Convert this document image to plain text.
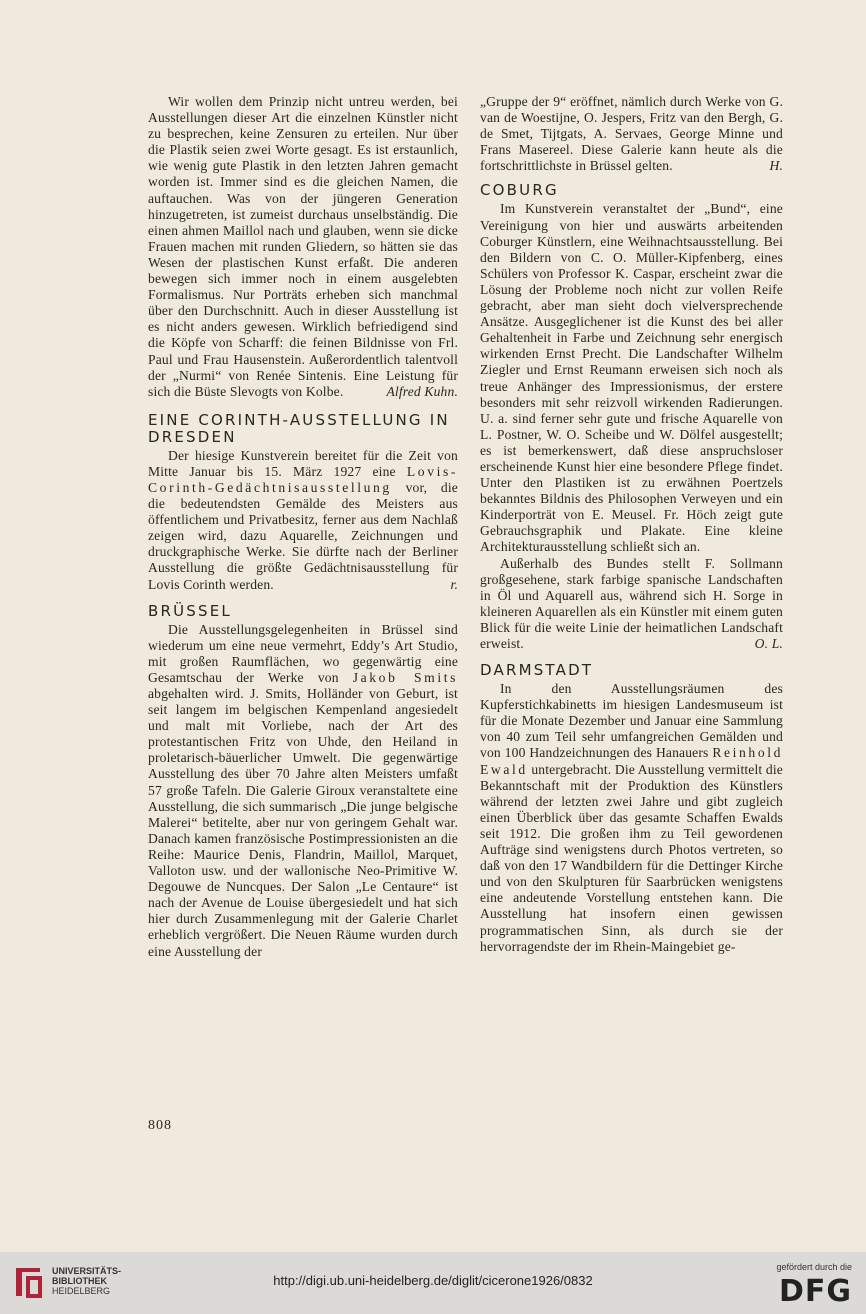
Wir wollen dem Prinzip nicht untreu werden, bei Ausstellungen dieser Art die einzelnen Künstler nicht zu besprechen, keine Zensuren zu erteilen. Nur über die Plastik seien zwei Worte gesagt. Es ist erstaunlich, wie wenig gute Plastik in den letzten Jahren gemacht worden ist. Immer sind es die gleichen Namen, die auftauchen. Was von der jüngeren Generation hinzugetreten, ist zumeist durchaus unselbständig. Die einen ahmen Maillol nach und glauben, wenn sie dicke Frauen machen mit runden Gliedern, so hätten sie das Wesen der plastischen Kunst erfaßt. Die anderen bewegen sich immer noch in einem ausgelebten Formalismus. Nur Porträts erheben sich manchmal über den Durchschnitt. Auch in dieser Ausstellung ist es nicht anders gewesen. Wirklich befriedigend sind die Köpfe von Scharff: die feinen Bildnisse von Frl. Paul und Frau Hausenstein. Außerordentlich talentvoll der „Nurmi“ von Renée Sintenis. Eine Leistung für sich die Büste Slevogts von Kolbe.	Alfred Kuhn.

EINE CORINTH-AUSSTELLUNG IN DRESDEN

Der hiesige Kunstverein bereitet für die Zeit von Mitte Januar bis 15. März 1927 eine Lovis-Corinth-Gedächtnisausstellung vor, die die bedeutendsten Gemälde des Meisters aus öffentlichem und Privatbesitz, ferner aus dem Nachlaß zeigen wird, dazu Aquarelle, Zeichnungen und druckgraphische Werke. Sie dürfte nach der Berliner Ausstellung die größte Gedächtnisausstellung für Lovis Corinth werden.	r.

BRÜSSEL

Die Ausstellungsgelegenheiten in Brüssel sind wiederum um eine neue vermehrt, Eddy’s Art Studio, mit großen Raumflächen, wo gegenwärtig eine Gesamtschau der Werke von Jakob Smits abgehalten wird. J. Smits, Holländer von Geburt, ist seit langem im belgischen Kempenland angesiedelt und malt mit Vorliebe, nach der Art des protestantischen Fritz von Uhde, den Heiland in proletarisch-bäuerlicher Umwelt. Die gegenwärtige Ausstellung des über 70 Jahre alten Meisters umfaßt 57 große Tafeln. Die Galerie Giroux veranstaltete eine Ausstellung, die sich summarisch „Die junge belgische Malerei“ betitelte, aber nur von geringem Gehalt war. Danach kamen französische Postimpressionisten an die Reihe: Maurice Denis, Flandrin, Maillol, Marquet, Valloton usw. und der wallonische Neo-Primitive W. Degouwe de Nuncques. Der Salon „Le Centaure“ ist nach der Avenue de Louise übergesiedelt und hat sich hier durch Zusammenlegung mit der Galerie Charlet erheblich vergrößert. Die Neuen Räume wurden durch eine Ausstellung der

„Gruppe der 9“ eröffnet, nämlich durch Werke von G. van de Woestijne, O. Jespers, Fritz van den Bergh, G. de Smet, Tijtgats, A. Servaes, George Minne und Frans Masereel. Diese Galerie kann heute als die fortschrittlichste in Brüssel gelten.	H.

COBURG

Im Kunstverein veranstaltet der „Bund“, eine Vereinigung von hier und auswärts arbeitenden Coburger Künstlern, eine Weihnachtsausstellung. Bei den Bildern von C. O. Müller-Kipfenberg, eines Schülers von Professor K. Caspar, erscheint zwar die Lösung der Probleme noch nicht zur vollen Reife gebracht, aber man sieht doch vielversprechende Ansätze. Ausgeglichener ist die Kunst des bei aller Gehaltenheit in Farbe und Zeichnung sehr energisch wirkenden Ernst Precht. Die Landschafter Wilhelm Ziegler und Ernst Reumann erweisen sich noch als treue Anhänger des Impressionismus, der erstere besonders mit sehr reizvoll wirkenden Radierungen. U. a. sind ferner sehr gute und frische Aquarelle von L. Postner, W. O. Scheibe und W. Dölfel ausgestellt; es ist bemerkenswert, daß diese anspruchsloser erscheinende Kunst hier eine besondere Pflege findet. Unter den Plastiken ist zu erwähnen Poertzels bekanntes Bildnis des Philosophen Verweyen und ein Kinderporträt von E. Meusel. Fr. Höch zeigt gute Gebrauchsgraphik und Plakate. Eine kleine Architekturausstellung schließt sich an.

Außerhalb des Bundes stellt F. Sollmann großgesehene, stark farbige spanische Landschaften in Öl und Aquarell aus, während sich H. Sorge in kleineren Aquarellen als ein Künstler mit einem guten Blick für die weite Linie der heimatlichen Landschaft erweist.	O. L.

DARMSTADT

In den Ausstellungsräumen des Kupferstichkabinetts im hiesigen Landesmuseum ist für die Monate Dezember und Januar eine Sammlung von 40 zum Teil sehr umfangreichen Gemälden und von 100 Handzeichnungen des Hanauers Reinhold Ewald untergebracht. Die Ausstellung vermittelt die Bekanntschaft mit der Produktion des Künstlers während der letzten zwei Jahre und gibt zugleich einen Überblick über das gesamte Schaffen Ewalds seit 1912. Die großen ihm zu Teil gewordenen Aufträge sind wenigstens durch Photos vertreten, so daß von den 17 Wandbildern für die Dettinger Kirche und von den Skulpturen für Saarbrücken wenigstens eine andeutende Vorstellung entstehen kann. Die Ausstellung hat insofern einen gewissen programmatischen Sinn, als durch sie der hervorragendste der im Rhein-Maingebiet ge-

808
UNIVERSITÄTS-
BIBLIOTHEK
HEIDELBERG
http://digi.ub.uni-heidelberg.de/diglit/cicerone1926/0832
gefördert durch die
DFG
